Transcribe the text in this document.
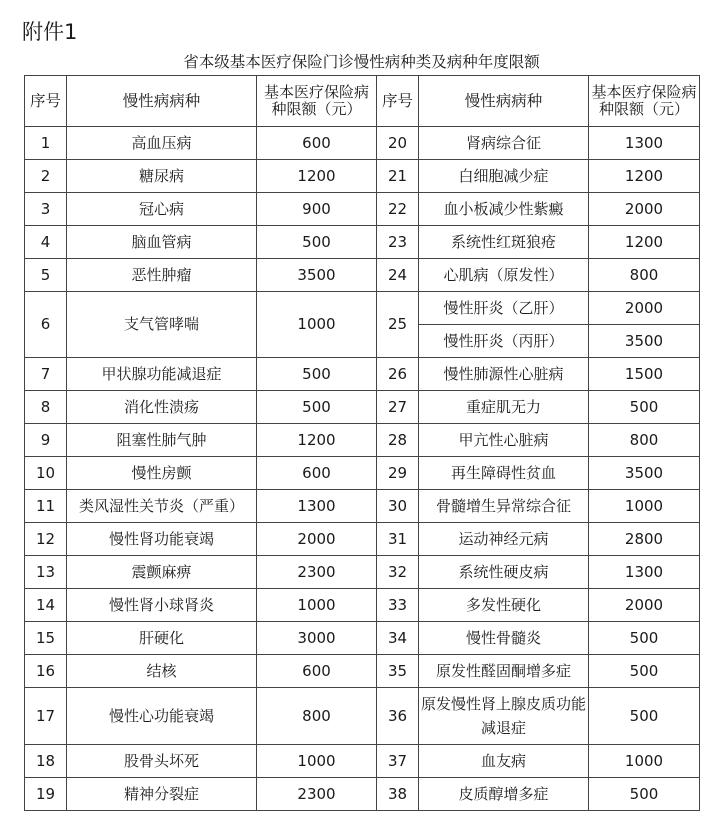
附件1
省本级基本医疗保险门诊慢性病种类及病种年度限额
序号	慢性病病种	基本医疗保险病种限额（元）	序号	慢性病病种	基本医疗保险病种限额（元）
1	高血压病	600	20	肾病综合征	1300
2	糖尿病	1200	21	白细胞减少症	1200
3	冠心病	900	22	血小板减少性紫癜	2000
4	脑血管病	500	23	系统性红斑狼疮	1200
5	恶性肿瘤	3500	24	心肌病（原发性）	800
6	支气管哮喘	1000	25	慢性肝炎（乙肝）	2000
				慢性肝炎（丙肝）	3500
7	甲状腺功能减退症	500	26	慢性肺源性心脏病	1500
8	消化性溃疡	500	27	重症肌无力	500
9	阻塞性肺气肿	1200	28	甲亢性心脏病	800
10	慢性房颤	600	29	再生障碍性贫血	3500
11	类风湿性关节炎（严重）	1300	30	骨髓增生异常综合征	1000
12	慢性肾功能衰竭	2000	31	运动神经元病	2800
13	震颤麻痹	2300	32	系统性硬皮病	1300
14	慢性肾小球肾炎	1000	33	多发性硬化	2000
15	肝硬化	3000	34	慢性骨髓炎	500
16	结核	600	35	原发性醛固酮增多症	500
17	慢性心功能衰竭	800	36	原发慢性肾上腺皮质功能减退症	500
18	股骨头坏死	1000	37	血友病	1000
19	精神分裂症	2300	38	皮质醇增多症	500
